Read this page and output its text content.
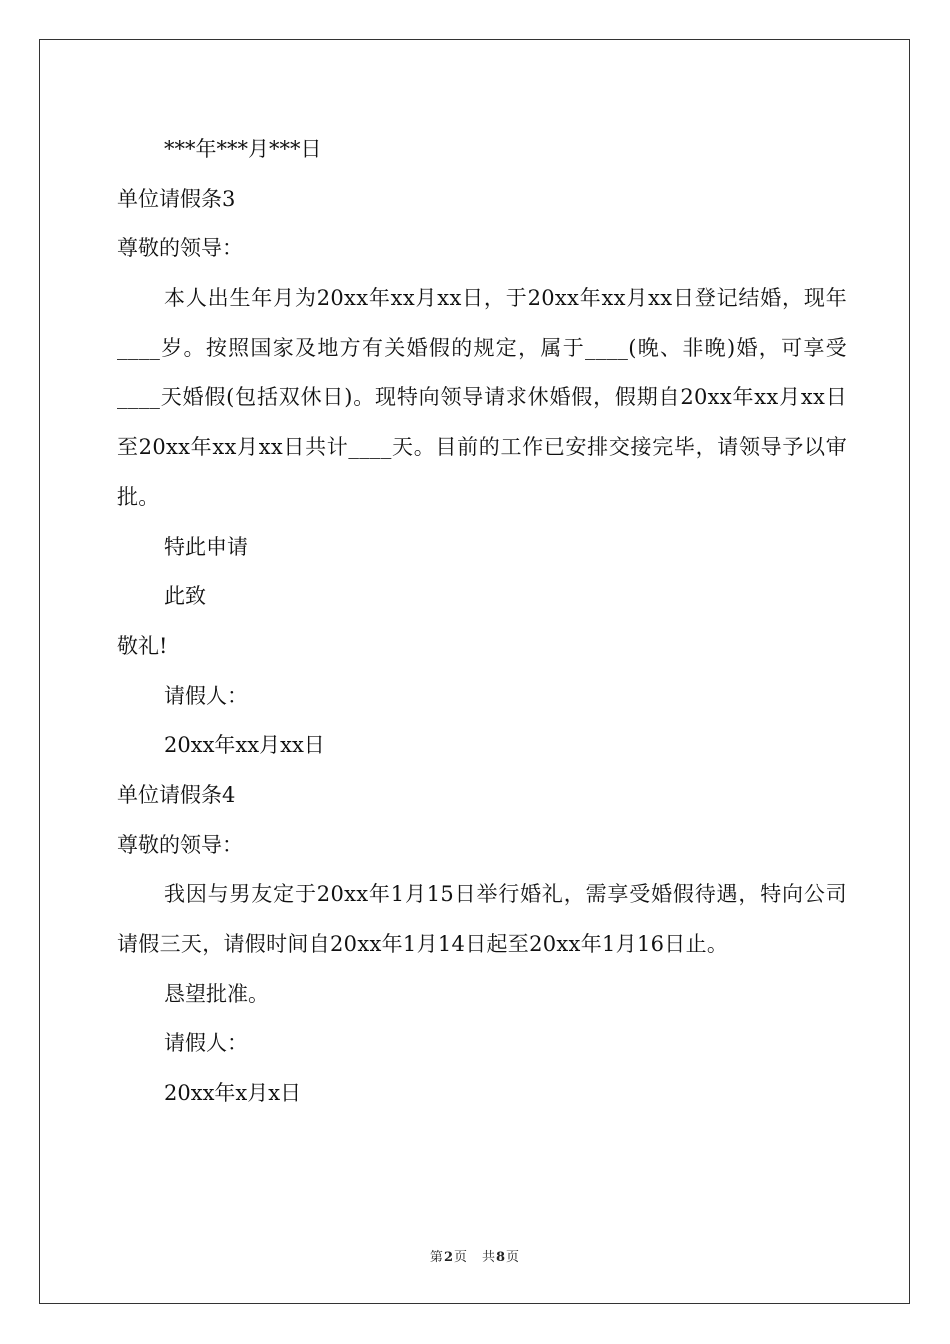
***年***月***日
单位请假条3
尊敬的领导：
本人出生年月为20xx年xx月xx日，于20xx年xx月xx日登记结婚，现年____岁。按照国家及地方有关婚假的规定，属于____(晚、非晚)婚，可享受____天婚假(包括双休日)。现特向领导请求休婚假，假期自20xx年xx月xx日至20xx年xx月xx日共计____天。目前的工作已安排交接完毕，请领导予以审批。
特此申请
此致
敬礼!
请假人：
20xx年xx月xx日
单位请假条4
尊敬的领导：
我因与男友定于20xx年1月15日举行婚礼，需享受婚假待遇，特向公司请假三天，请假时间自20xx年1月14日起至20xx年1月16日止。
恳望批准。
请假人：
20xx年x月x日
第2页　共8页
